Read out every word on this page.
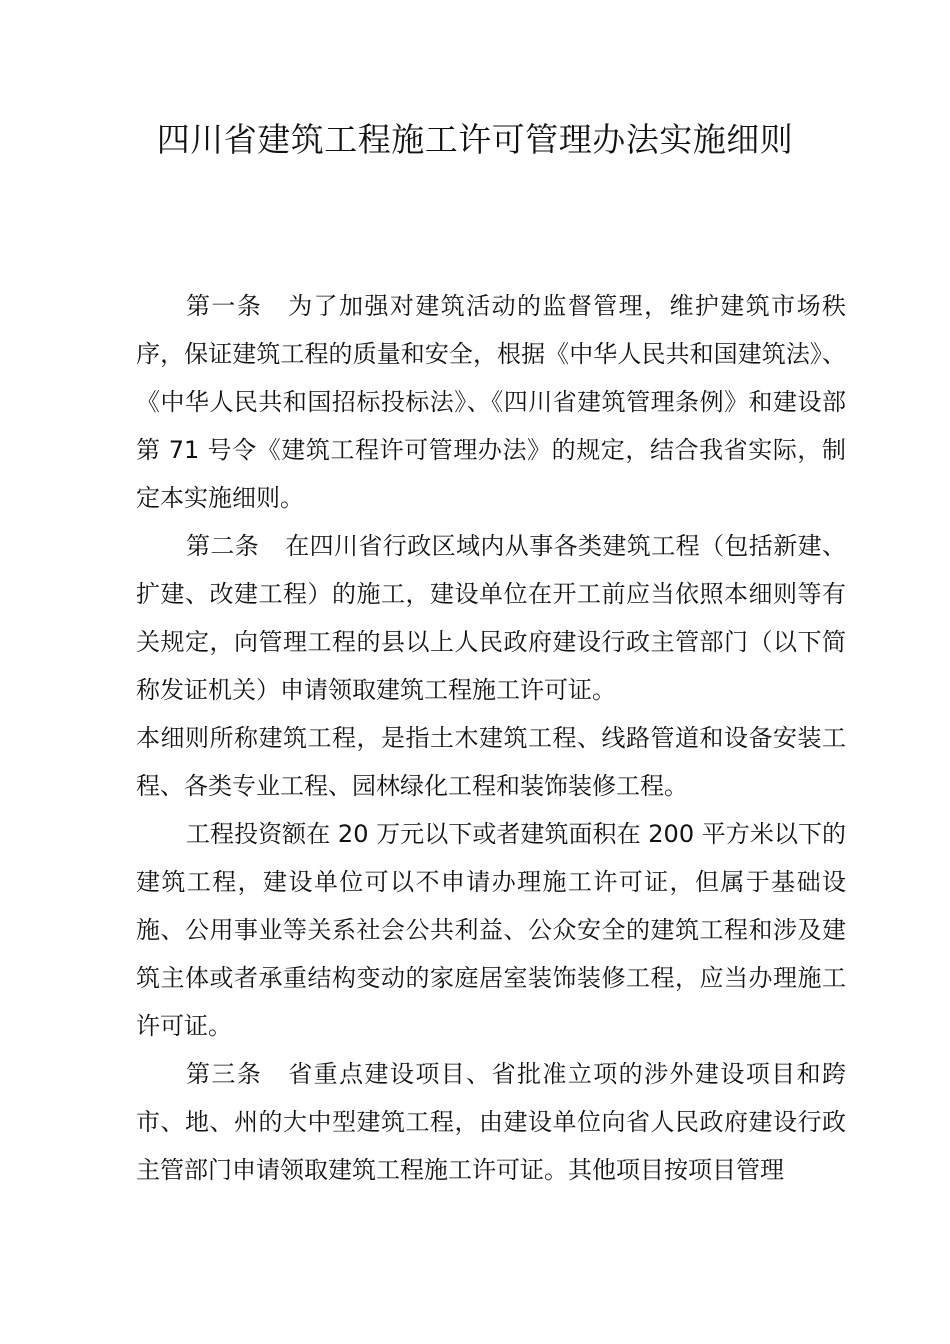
四川省建筑工程施工许可管理办法实施细则

第一条 为了加强对建筑活动的监督管理，维护建筑市场秩序，保证建筑工程的质量和安全，根据《中华人民共和国建筑法》、《中华人民共和国招标投标法》、《四川省建筑管理条例》和建设部第 71 号令《建筑工程许可管理办法》的规定，结合我省实际，制定本实施细则。

第二条 在四川省行政区域内从事各类建筑工程（包括新建、扩建、改建工程）的施工，建设单位在开工前应当依照本细则等有关规定，向管理工程的县以上人民政府建设行政主管部门（以下简称发证机关）申请领取建筑工程施工许可证。

本细则所称建筑工程，是指土木建筑工程、线路管道和设备安装工程、各类专业工程、园林绿化工程和装饰装修工程。

工程投资额在 20 万元以下或者建筑面积在 200 平方米以下的建筑工程，建设单位可以不申请办理施工许可证，但属于基础设施、公用事业等关系社会公共利益、公众安全的建筑工程和涉及建筑主体或者承重结构变动的家庭居室装饰装修工程，应当办理施工许可证。

第三条 省重点建设项目、省批准立项的涉外建设项目和跨市、地、州的大中型建筑工程，由建设单位向省人民政府建设行政主管部门申请领取建筑工程施工许可证。其他项目按项目管理
